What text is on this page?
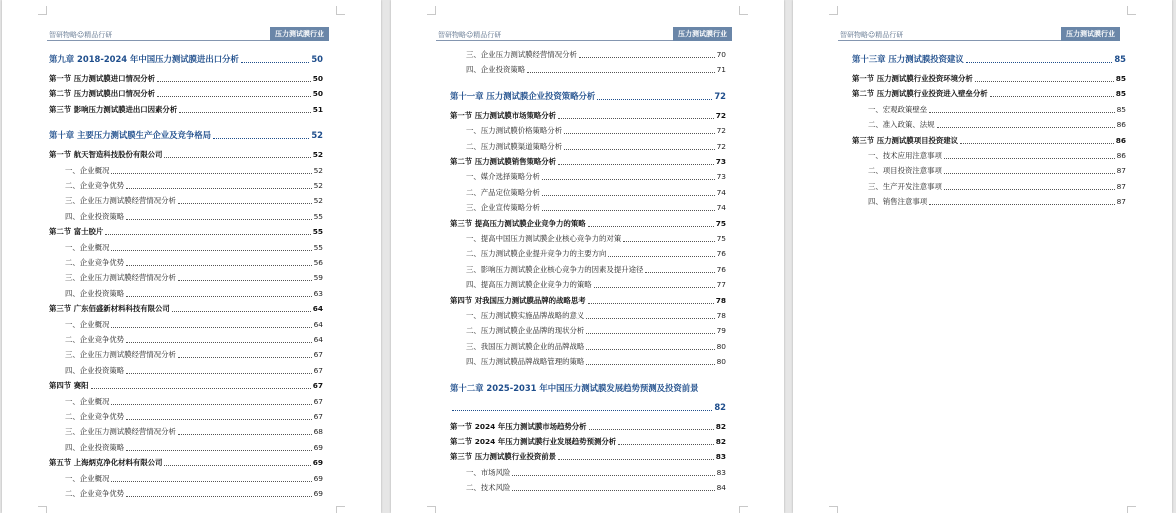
智研物略☺精品行研	压力测试膜行业
第九章 2018-2024 年中国压力测试膜进出口分析	50
第一节 压力测试膜进口情况分析	50
第二节 压力测试膜出口情况分析	50
第三节 影响压力测试膜进出口因素分析	51
第十章 主要压力测试膜生产企业及竞争格局	52
第一节 航天智造科技股份有限公司	52
一、企业概况	52
二、企业竞争优势	52
三、企业压力测试膜经营情况分析	52
四、企业投资策略	55
第二节 富士胶片	55
一、企业概况	55
二、企业竞争优势	56
三、企业压力测试膜经营情况分析	59
四、企业投资策略	63
第三节 广东佰盛新材料科技有限公司	64
一、企业概况	64
二、企业竞争优势	64
三、企业压力测试膜经营情况分析	67
四、企业投资策略	67
第四节 赛阳	67
一、企业概况	67
二、企业竞争优势	67
三、企业压力测试膜经营情况分析	68
四、企业投资策略	69
第五节 上海炳克净化材料有限公司	69
一、企业概况	69
二、企业竞争优势	69
智研物略☺精品行研	压力测试膜行业
三、企业压力测试膜经营情况分析	70
四、企业投资策略	71
第十一章 压力测试膜企业投资策略分析	72
第一节 压力测试膜市场策略分析	72
一、压力测试膜价格策略分析	72
二、压力测试膜渠道策略分析	72
第二节 压力测试膜销售策略分析	73
一、媒介选择策略分析	73
二、产品定位策略分析	74
三、企业宣传策略分析	74
第三节 提高压力测试膜企业竞争力的策略	75
一、提高中国压力测试膜企业核心竞争力的对策	75
二、压力测试膜企业提升竞争力的主要方向	76
三、影响压力测试膜企业核心竞争力的因素及提升途径	76
四、提高压力测试膜企业竞争力的策略	77
第四节 对我国压力测试膜品牌的战略思考	78
一、压力测试膜实施品牌战略的意义	78
二、压力测试膜企业品牌的现状分析	79
三、我国压力测试膜企业的品牌战略	80
四、压力测试膜品牌战略管理的策略	80
第十二章 2025-2031 年中国压力测试膜发展趋势预测及投资前景
82
第一节 2024 年压力测试膜市场趋势分析	82
第二节 2024 年压力测试膜行业发展趋势预测分析	82
第三节 压力测试膜行业投资前景	83
一、市场风险	83
二、技术风险	84
智研物略☺精品行研	压力测试膜行业
第十三章 压力测试膜投资建议	85
第一节 压力测试膜行业投资环境分析	85
第二节 压力测试膜行业投资进入壁垒分析	85
一、宏观政策壁垒	85
二、准入政策、法规	86
第三节 压力测试膜项目投资建议	86
一、技术应用注意事项	86
二、项目投资注意事项	87
三、生产开发注意事项	87
四、销售注意事项	87
